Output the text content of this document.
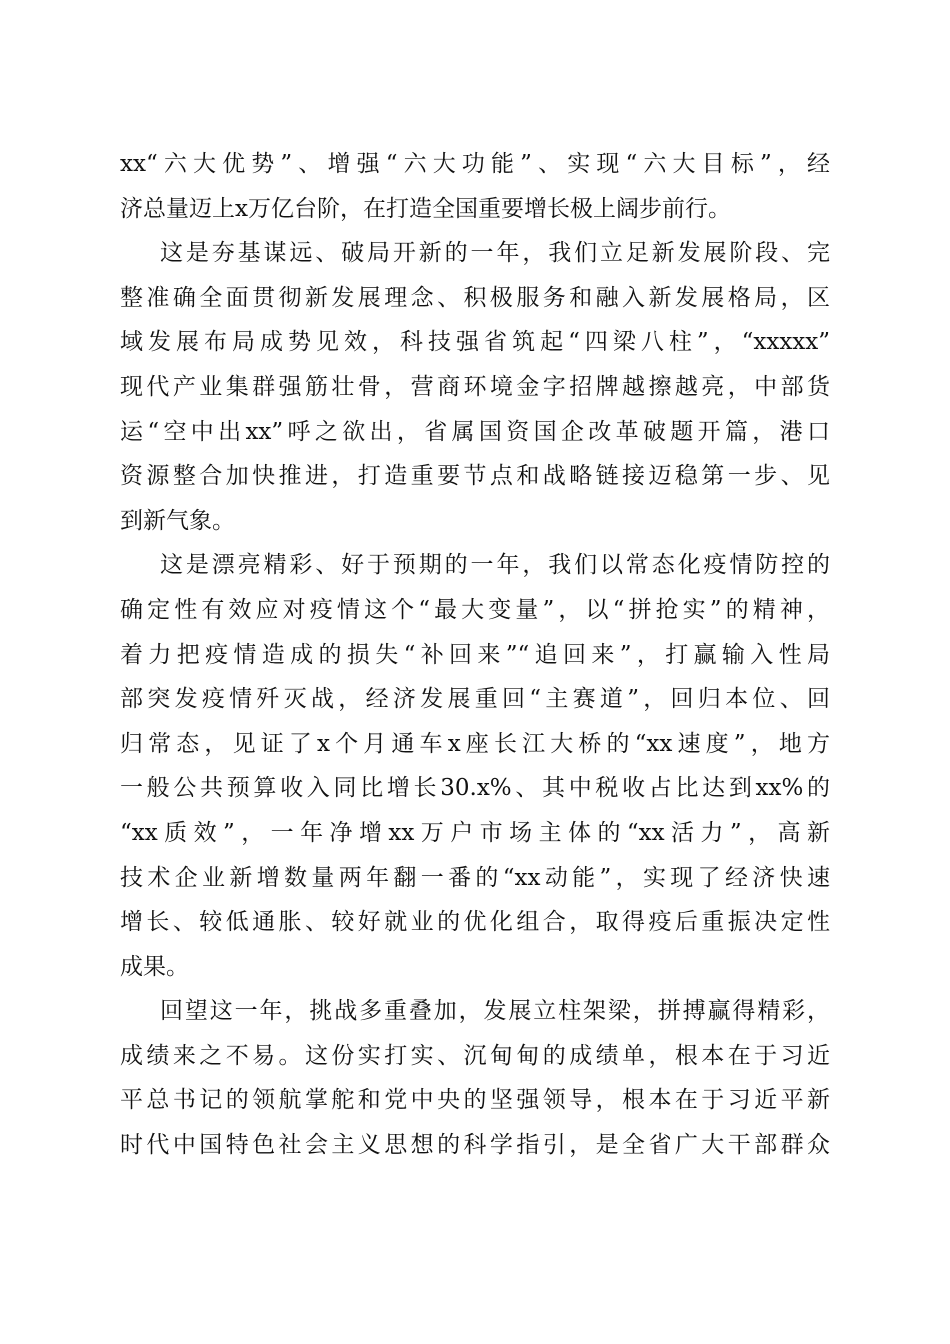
xx“六大优势”、增强“六大功能”、实现“六大目标”，经
济总量迈上x万亿台阶，在打造全国重要增长极上阔步前行。
这是夯基谋远、破局开新的一年，我们立足新发展阶段、完
整准确全面贯彻新发展理念、积极服务和融入新发展格局，区
域发展布局成势见效，科技强省筑起“四梁八柱”，“xxxxx”
现代产业集群强筋壮骨，营商环境金字招牌越擦越亮，中部货
运“空中出xx”呼之欲出，省属国资国企改革破题开篇，港口
资源整合加快推进，打造重要节点和战略链接迈稳第一步、见
到新气象。
这是漂亮精彩、好于预期的一年，我们以常态化疫情防控的
确定性有效应对疫情这个“最大变量”，以“拼抢实”的精神，
着力把疫情造成的损失“补回来”“追回来”，打赢输入性局
部突发疫情歼灭战，经济发展重回“主赛道”，回归本位、回
归常态，见证了x个月通车x座长江大桥的“xx速度”，地方
一般公共预算收入同比增长30.x%、其中税收占比达到xx%的
“xx质效”，一年净增xx万户市场主体的“xx活力”，高新
技术企业新增数量两年翻一番的“xx动能”，实现了经济快速
增长、较低通胀、较好就业的优化组合，取得疫后重振决定性
成果。
回望这一年，挑战多重叠加，发展立柱架梁，拼搏赢得精彩，
成绩来之不易。这份实打实、沉甸甸的成绩单，根本在于习近
平总书记的领航掌舵和党中央的坚强领导，根本在于习近平新
时代中国特色社会主义思想的科学指引，是全省广大干部群众
